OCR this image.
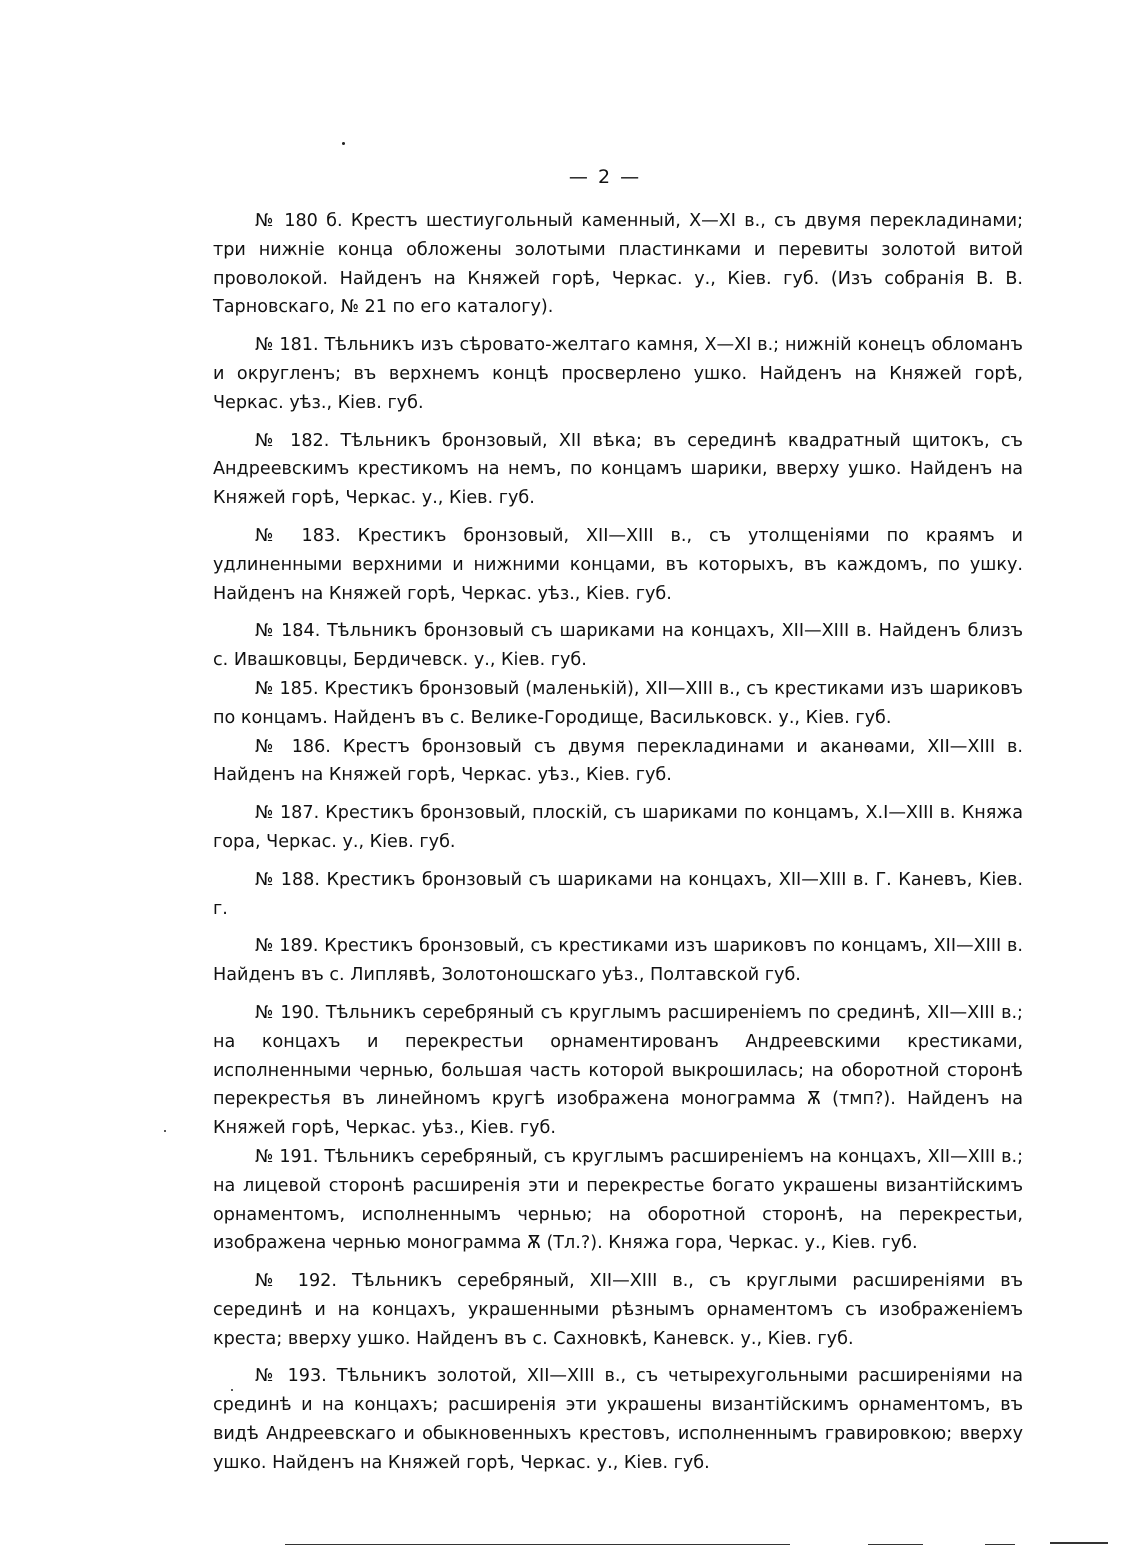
— 2 —

№ 180 б. Крестъ шестиугольный каменный, X—XI в., съ двумя перекладинами; три нижнiе конца обложены золотыми пластинками и перевиты золотой витой проволокой. Найденъ на Княжей горѣ, Черкас. у., Кiев. губ. (Изъ собранiя В. В. Тарновскаго, № 21 по его каталогу).

№ 181. Тѣльникъ изъ сѣровато-желтаго камня, X—XI в.; нижнiй конецъ обломанъ и округленъ; въ верхнемъ концѣ просверлено ушко. Найденъ на Княжей горѣ, Черкас. уѣз., Кiев. губ.

№ 182. Тѣльникъ бронзовый, XII вѣка; въ серединѣ квадратный щитокъ, съ Андреевскимъ крестикомъ на немъ, по концамъ шарики, вверху ушко. Найденъ на Княжей горѣ, Черкас. у., Кiев. губ.

№ 183. Крестикъ бронзовый, XII—XIII в., съ утолщенiями по краямъ и удлиненными верхними и нижними концами, въ которыхъ, въ каждомъ, по ушку. Найденъ на Княжей горѣ, Черкас. уѣз., Кiев. губ.

№ 184. Тѣльникъ бронзовый съ шариками на концахъ, XII—XIII в. Найденъ близъ с. Ивашковцы, Бердичевск. у., Кiев. губ.

№ 185. Крестикъ бронзовый (маленькiй), XII—XIII в., съ крестиками изъ шариковъ по концамъ. Найденъ въ с. Велике-Городище, Васильковск. у., Кiев. губ.

№ 186. Крестъ бронзовый съ двумя перекладинами и аканѳами, XII—XIII в. Найденъ на Княжей горѣ, Черкас. уѣз., Кiев. губ.

№ 187. Крестикъ бронзовый, плоскiй, съ шариками по концамъ, X.I—XIII в. Княжа гора, Черкас. у., Кiев. губ.

№ 188. Крестикъ бронзовый съ шариками на концахъ, XII—XIII в. Г. Каневъ, Кiев. г.

№ 189. Крестикъ бронзовый, съ крестиками изъ шариковъ по концамъ, XII—XIII в. Найденъ въ с. Липлявѣ, Золотоношскаго уѣз., Полтавской губ.

№ 190. Тѣльникъ серебряный съ круглымъ расширенiемъ по срединѣ, XII—XIII в.; на концахъ и перекрестьи орнаментированъ Андреевскими крестиками, исполненными чернью, большая часть которой выкрошилась; на оборотной сторонѣ перекрестья въ линейномъ кругѣ изображена монограмма Ѫ (тмп?). Найденъ на Княжей горѣ, Черкас. уѣз., Кiев. губ.

№ 191. Тѣльникъ серебряный, съ круглымъ расширенiемъ на концахъ, XII—XIII в.; на лицевой сторонѣ расширенiя эти и перекрестье богато украшены византiйскимъ орнаментомъ, исполненнымъ чернью; на оборотной сторонѣ, на перекрестьи, изображена чернью монограмма Ѫ (Тл.?). Княжа гора, Черкас. у., Кiев. губ.

№ 192. Тѣльникъ серебряный, XII—XIII в., съ круглыми расширенiями въ серединѣ и на концахъ, украшенными рѣзнымъ орнаментомъ съ изображенiемъ креста; вверху ушко. Найденъ въ с. Сахновкѣ, Каневск. у., Кiев. губ.

№ 193. Тѣльникъ золотой, XII—XIII в., съ четырехугольными расширенiями на срединѣ и на концахъ; расширенiя эти украшены византiйскимъ орнаментомъ, въ видѣ Андреевскаго и обыкновенныхъ крестовъ, исполненнымъ гравировкою; вверху ушко. Найденъ на Княжей горѣ, Черкас. у., Кiев. губ.
